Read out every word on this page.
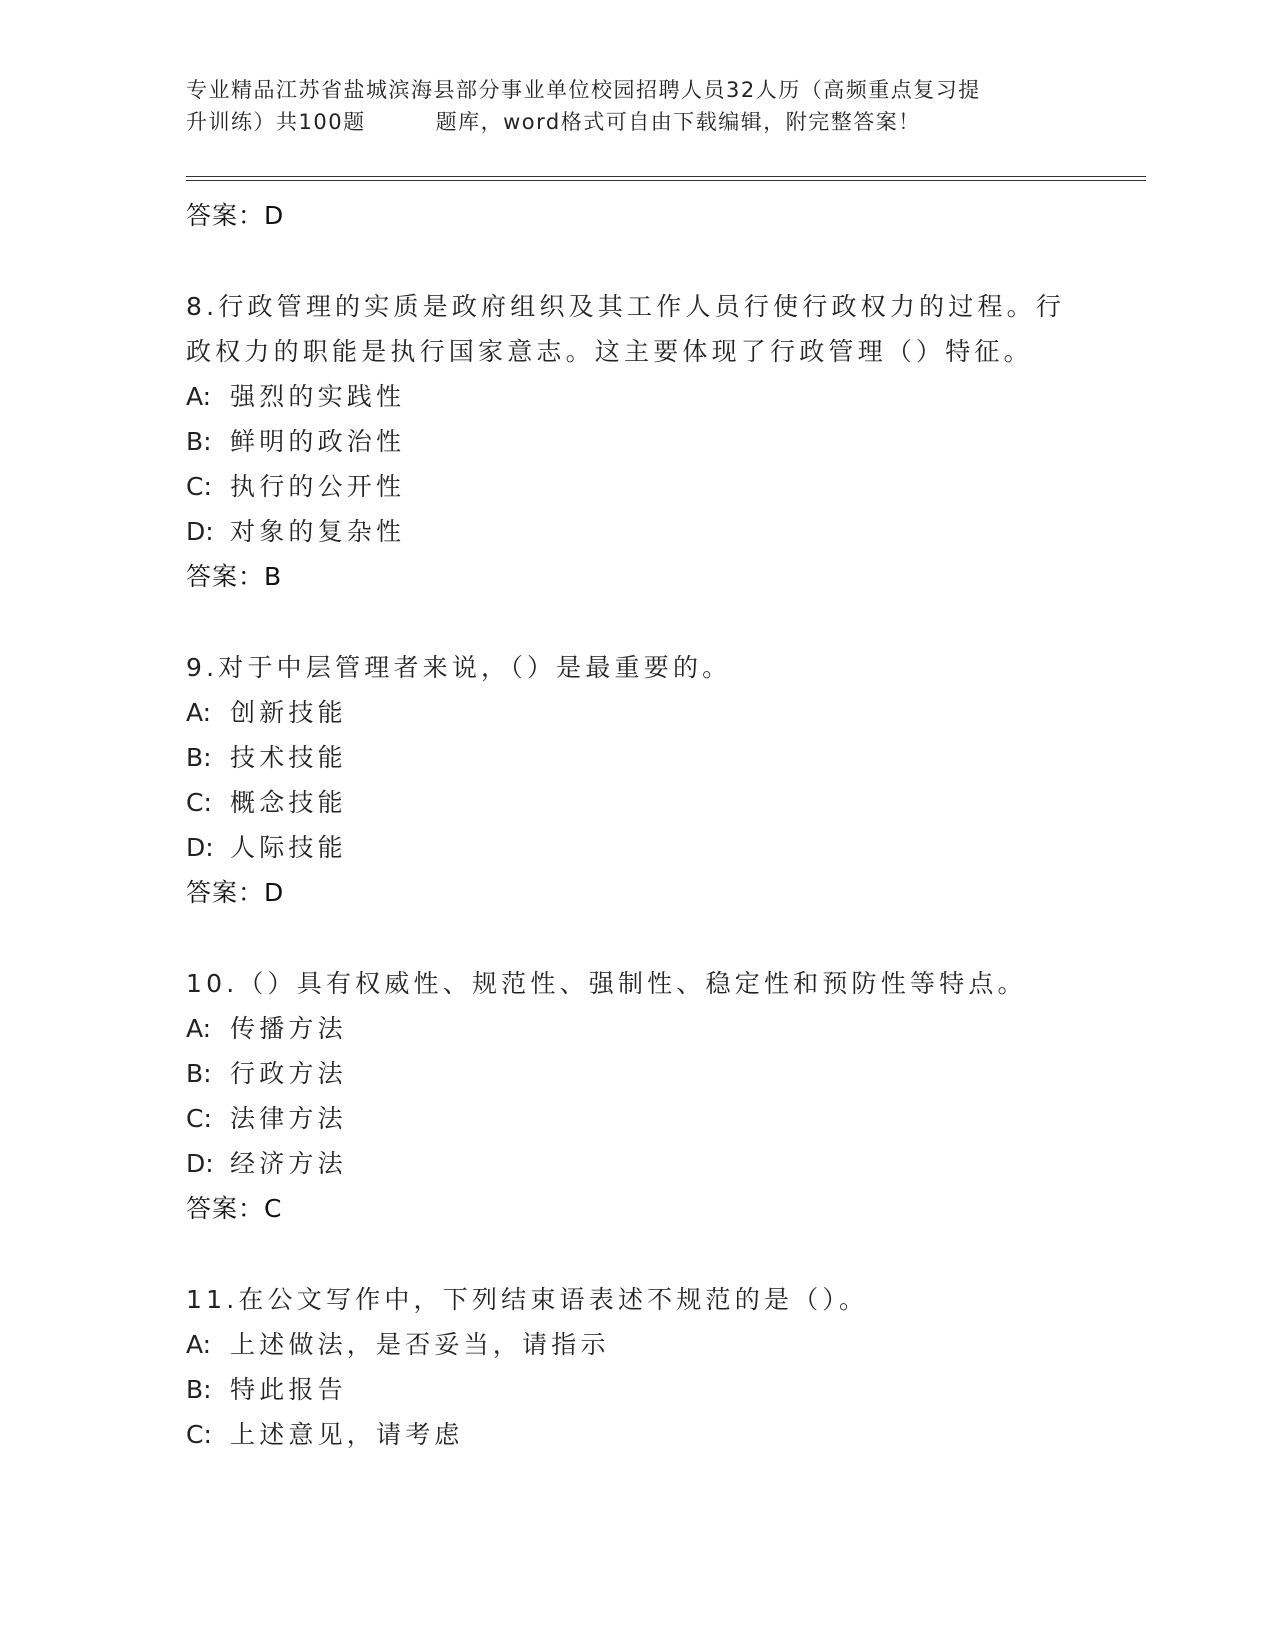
专业精品江苏省盐城滨海县部分事业单位校园招聘人员32人历（高频重点复习提
升训练）共100题	题库，word格式可自由下载编辑，附完整答案！
答案：D
8.行政管理的实质是政府组织及其工作人员行使行政权力的过程。行政权力的职能是执行国家意志。这主要体现了行政管理（）特征。
A: 强烈的实践性
B: 鲜明的政治性
C: 执行的公开性
D: 对象的复杂性
答案：B
9.对于中层管理者来说，（）是最重要的。
A: 创新技能
B: 技术技能
C: 概念技能
D: 人际技能
答案：D
10.（）具有权威性、规范性、强制性、稳定性和预防性等特点。
A: 传播方法
B: 行政方法
C: 法律方法
D: 经济方法
答案：C
11.在公文写作中，下列结束语表述不规范的是（）。
A: 上述做法，是否妥当，请指示
B: 特此报告
C: 上述意见，请考虑
